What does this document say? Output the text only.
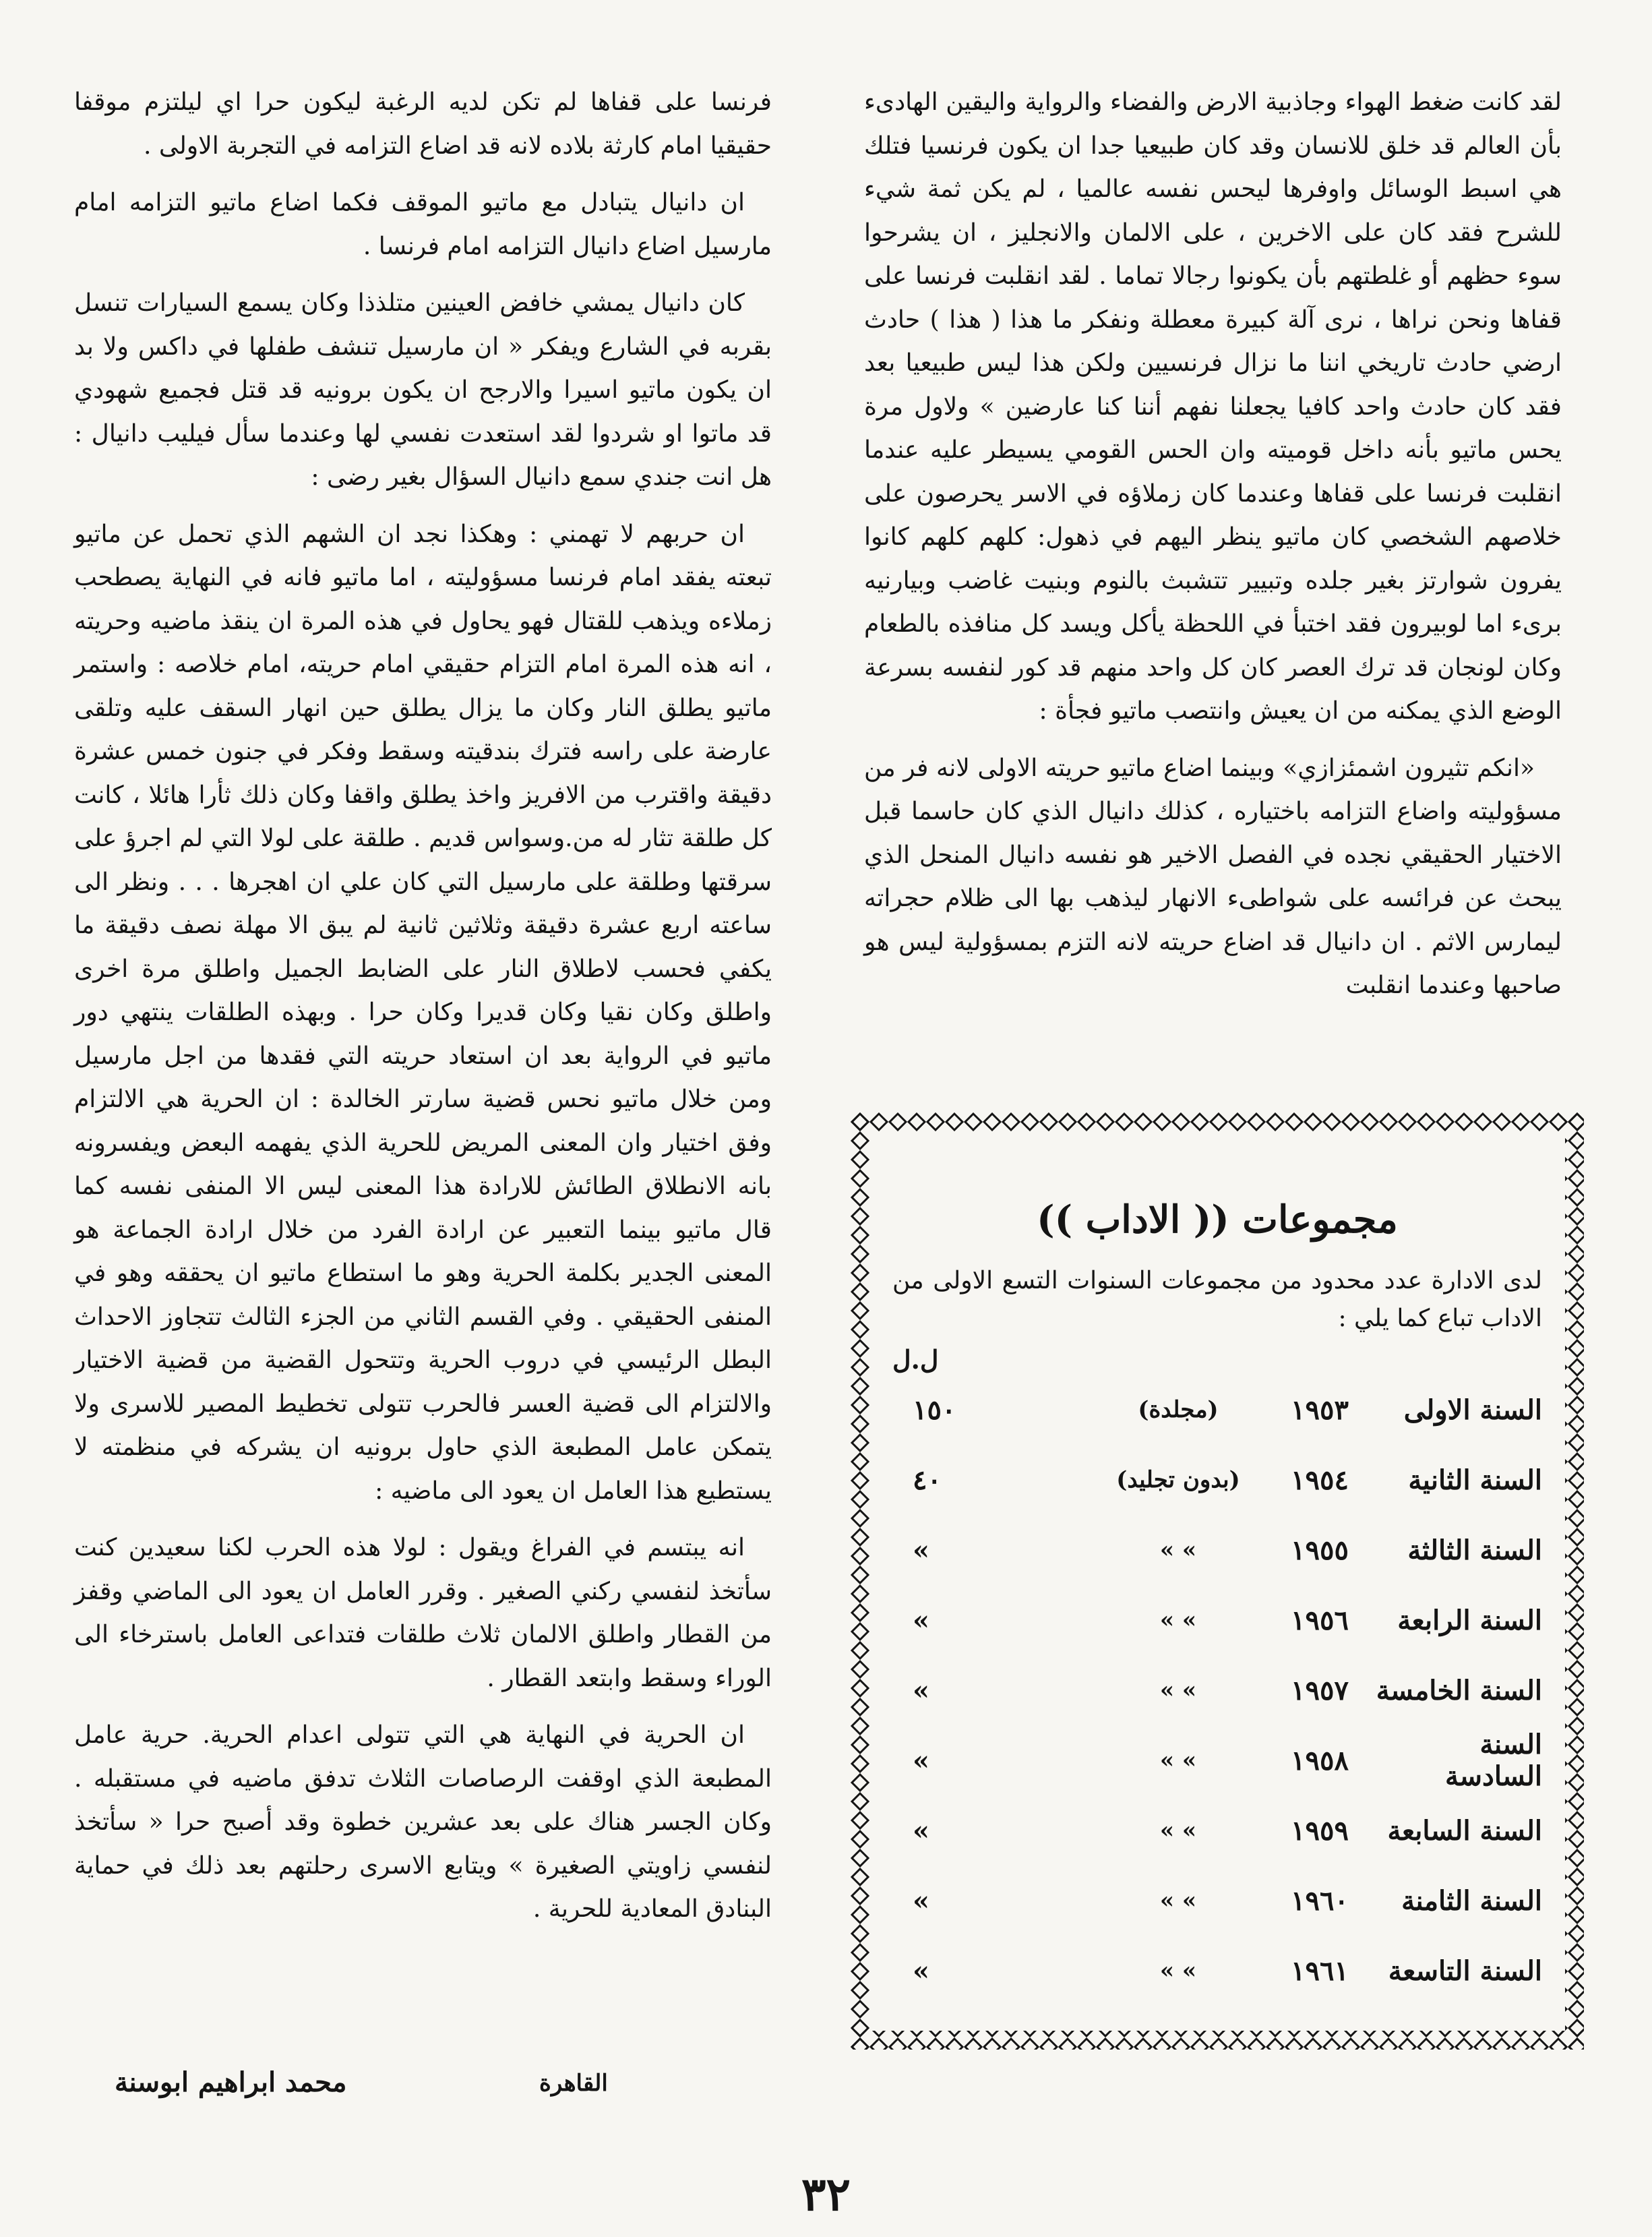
لقد كانت ضغط الهواء وجاذبية الارض والفضاء والرواية واليقين الهادىء بأن العالم قد خلق للانسان وقد كان طبيعيا جدا ان يكون فرنسيا فتلك هي اسبط الوسائل واوفرها ليحس نفسه عالميا ، لم يكن ثمة شيء للشرح فقد كان على الاخرين ، على الالمان والانجليز ، ان يشرحوا سوء حظهم أو غلطتهم بأن يكونوا رجالا تماما . لقد انقلبت فرنسا على قفاها ونحن نراها ، نرى آلة كبيرة معطلة ونفكر ما هذا ( هذا ) حادث ارضي حادث تاريخي اننا ما نزال فرنسيين ولكن هذا ليس طبيعيا بعد فقد كان حادث واحد كافيا يجعلنا نفهم أننا كنا عارضين » ولاول مرة يحس ماتيو بأنه داخل قوميته وان الحس القومي يسيطر عليه عندما انقلبت فرنسا على قفاها وعندما كان زملاؤه في الاسر يحرصون على خلاصهم الشخصي كان ماتيو ينظر اليهم في ذهول: كلهم كلهم كانوا يفرون شوارتز بغير جلده وتبيير تتشبث بالنوم وبنيت غاضب وبيارنيه برىء اما لوبيرون فقد اختبأ في اللحظة يأكل ويسد كل منافذه بالطعام وكان لونجان قد ترك العصر كان كل واحد منهم قد كور لنفسه بسرعة الوضع الذي يمكنه من ان يعيش وانتصب ماتيو فجأة :

«انكم تثيرون اشمئزازي» وبينما اضاع ماتيو حريته الاولى لانه فر من مسؤوليته واضاع التزامه باختياره ، كذلك دانيال الذي كان حاسما قبل الاختيار الحقيقي نجده في الفصل الاخير هو نفسه دانيال المنحل الذي يبحث عن فرائسه على شواطىء الانهار ليذهب بها الى ظلام حجراته ليمارس الاثم . ان دانيال قد اضاع حريته لانه التزم بمسؤولية ليس هو صاحبها وعندما انقلبت

فرنسا على قفاها لم تكن لديه الرغبة ليكون حرا اي ليلتزم موقفا حقيقيا امام كارثة بلاده لانه قد اضاع التزامه في التجربة الاولى .

ان دانيال يتبادل مع ماتيو الموقف فكما اضاع ماتيو التزامه امام مارسيل اضاع دانيال التزامه امام فرنسا .

كان دانيال يمشي خافض العينين متلذذا وكان يسمع السيارات تنسل بقربه في الشارع ويفكر « ان مارسيل تنشف طفلها في داكس ولا بد ان يكون ماتيو اسيرا والارجح ان يكون برونيه قد قتل فجميع شهودي قد ماتوا او شردوا لقد استعدت نفسي لها وعندما سأل فيليب دانيال : هل انت جندي سمع دانيال السؤال بغير رضى :

ان حربهم لا تهمني : وهكذا نجد ان الشهم الذي تحمل عن ماتيو تبعته يفقد امام فرنسا مسؤوليته ، اما ماتيو فانه في النهاية يصطحب زملاءه ويذهب للقتال فهو يحاول في هذه المرة ان ينقذ ماضيه وحريته ، انه هذه المرة امام التزام حقيقي امام حريته، امام خلاصه : واستمر ماتيو يطلق النار وكان ما يزال يطلق حين انهار السقف عليه وتلقى عارضة على راسه فترك بندقيته وسقط وفكر في جنون خمس عشرة دقيقة واقترب من الافريز واخذ يطلق واقفا وكان ذلك ثأرا هائلا ، كانت كل طلقة تثار له من.وسواس قديم . طلقة على لولا التي لم اجرؤ على سرقتها وطلقة على مارسيل التي كان علي ان اهجرها . . . ونظر الى ساعته اربع عشرة دقيقة وثلاثين ثانية لم يبق الا مهلة نصف دقيقة ما يكفي فحسب لاطلاق النار على الضابط الجميل واطلق مرة اخرى واطلق وكان نقيا وكان قديرا وكان حرا . وبهذه الطلقات ينتهي دور ماتيو في الرواية بعد ان استعاد حريته التي فقدها من اجل مارسيل ومن خلال ماتيو نحس قضية سارتر الخالدة : ان الحرية هي الالتزام وفق اختيار وان المعنى المريض للحرية الذي يفهمه البعض ويفسرونه بانه الانطلاق الطائش للارادة هذا المعنى ليس الا المنفى نفسه كما قال ماتيو بينما التعبير عن ارادة الفرد من خلال ارادة الجماعة هو المعنى الجدير بكلمة الحرية وهو ما استطاع ماتيو ان يحققه وهو في المنفى الحقيقي . وفي القسم الثاني من الجزء الثالث تتجاوز الاحداث البطل الرئيسي في دروب الحرية وتتحول القضية من قضية الاختيار والالتزام الى قضية العسر فالحرب تتولى تخطيط المصير للاسرى ولا يتمكن عامل المطبعة الذي حاول برونيه ان يشركه في منظمته لا يستطيع هذا العامل ان يعود الى ماضيه :

انه يبتسم في الفراغ ويقول : لولا هذه الحرب لكنا سعيدين كنت سأتخذ لنفسي ركني الصغير . وقرر العامل ان يعود الى الماضي وقفز من القطار واطلق الالمان ثلاث طلقات فتداعى العامل باسترخاء الى الوراء وسقط وابتعد القطار .

ان الحرية في النهاية هي التي تتولى اعدام الحرية. حرية عامل المطبعة الذي اوقفت الرصاصات الثلاث تدفق ماضيه في مستقبله . وكان الجسر هناك على بعد عشرين خطوة وقد أصبح حرا « سأتخذ لنفسي زاويتي الصغيرة » ويتابع الاسرى رحلتهم بعد ذلك في حماية البنادق المعادية للحرية .

محمد ابراهيم ابوسنة	القاهرة
مجموعات (( الاداب ))
لدى الادارة عدد محدود من مجموعات السنوات التسع الاولى من الاداب تباع كما يلي :
ل.ل
السنة الاولى
١٩٥٣
(مجلدة)
١٥٠
السنة الثانية
١٩٥٤
(بدون تجليد)
٤٠
السنة الثالثة
١٩٥٥
» »
»
السنة الرابعة
١٩٥٦
» »
»
السنة الخامسة
١٩٥٧
» »
»
السنة السادسة
١٩٥٨
» »
»
السنة السابعة
١٩٥٩
» »
»
السنة الثامنة
١٩٦٠
» »
»
السنة التاسعة
١٩٦١
» »
»
٣٢
